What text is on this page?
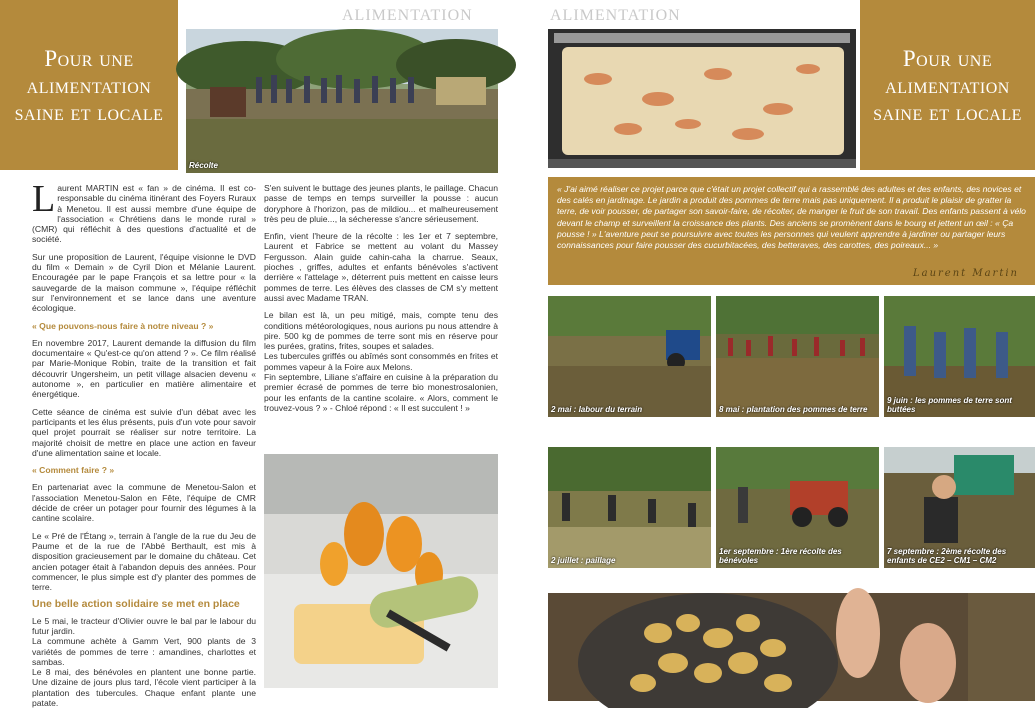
Pour une alimentation saine et locale
ALIMENTATION
Récolte

Laurent MARTIN est « fan » de cinéma. Il est co-responsable du cinéma itinérant des Foyers Ruraux à Menetou. Il est aussi membre d'une équipe de l'association « Chrétiens dans le monde rural » (CMR) qui réfléchit à des questions d'actualité et de société.

Sur une proposition de Laurent, l'équipe visionne le DVD du film « Demain » de Cyril Dion et Mélanie Laurent. Encouragée par le pape François et sa lettre pour « la sauvegarde de la maison commune », l'équipe réfléchit sur l'environnement et se lance dans une aventure écologique.

« Que pouvons-nous faire à notre niveau ? »

En novembre 2017, Laurent demande la diffusion du film documentaire « Qu'est-ce qu'on attend ? ». Ce film réalisé par Marie-Monique Robin, traite de la transition et fait découvrir Ungersheim, un petit village alsacien devenu « autonome », en particulier en matière alimentaire et énergétique.

Cette séance de cinéma est suivie d'un débat avec les participants et les élus présents, puis d'un vote pour savoir quel projet pourrait se réaliser sur notre territoire. La majorité choisit de mettre en place une action en faveur d'une alimentation saine et locale.

« Comment faire ? »

En partenariat avec la commune de Menetou-Salon et l'association Menetou-Salon en Fête, l'équipe de CMR décide de créer un potager pour fournir des légumes à la cantine scolaire.

Le « Pré de l'Étang », terrain à l'angle de la rue du Jeu de Paume et de la rue de l'Abbé Berthault, est mis à disposition gracieusement par le domaine du château. Cet ancien potager était à l'abandon depuis des années. Pour commencer, le plus simple est d'y planter des pommes de terre.

Une belle action solidaire se met en place

Le 5 mai, le tracteur d'Olivier ouvre le bal par le labour du futur jardin.

La commune achète à Gamm Vert, 900 plants de 3 variétés de pommes de terre : amandines, charlottes et sambas.

Le 8 mai, des bénévoles en plantent une bonne partie. Une dizaine de jours plus tard, l'école vient participer à la plantation des tubercules. Chaque enfant plante une patate.

S'en suivent le buttage des jeunes plants, le paillage. Chacun passe de temps en temps surveiller la pousse : aucun doryphore à l'horizon, pas de mildiou... et malheureusement très peu de pluie..., la sécheresse s'ancre sérieusement.

Enfin, vient l'heure de la récolte : les 1er et 7 septembre, Laurent et Fabrice se mettent au volant du Massey Fergusson. Alain guide cahin-caha la charrue. Seaux, pioches , griffes, adultes et enfants bénévoles s'activent derrière « l'attelage », déterrent puis mettent en caisse leurs pommes de terre. Les élèves des classes de CM s'y mettent aussi avec Madame TRAN.

Le bilan est là, un peu mitigé, mais, compte tenu des conditions météorologiques, nous aurions pu nous attendre à pire. 500 kg de pommes de terre sont mis en réserve pour les purées, gratins, frites, soupes et salades.

Les tubercules griffés ou abîmés sont consommés en frites et pommes vapeur à la Foire aux Melons.

Fin septembre, Liliane s'affaire en cuisine à la préparation du premier écrasé de pommes de terre bio monestrosalonien, pour les enfants de la cantine scolaire. « Alors, comment le trouvez-vous ? » - Chloé répond : « Il est succulent ! »

ALIMENTATION
Pour une alimentation saine et locale
« J'ai aimé réaliser ce projet parce que c'était un projet collectif qui a rassemblé des adultes et des enfants, des novices et des calés en jardinage. Le jardin a produit des pommes de terre mais pas uniquement. Il a produit le plaisir de gratter la terre, de voir pousser, de partager son savoir-faire, de récolter, de manger le fruit de son travail. Des enfants passent à vélo devant le champ et surveillent la croissance des plants. Des anciens se promènent dans le bourg et jettent un œil : « Ça pousse ! » L'aventure peut se poursuivre avec toutes les personnes qui veulent apprendre à jardiner ou partager leurs connaissances pour faire pousser des cucurbitacées, des betteraves, des carottes, des poireaux... »
Laurent Martin
2 mai : labour du terrain	8 mai : plantation des pommes de terre
9 juin : les pommes de terre sont buttées
2 juillet : paillage
1er septembre : 1ère récolte des bénévoles
7 septembre : 2ème récolte des enfants de CE2 – CM1 – CM2
